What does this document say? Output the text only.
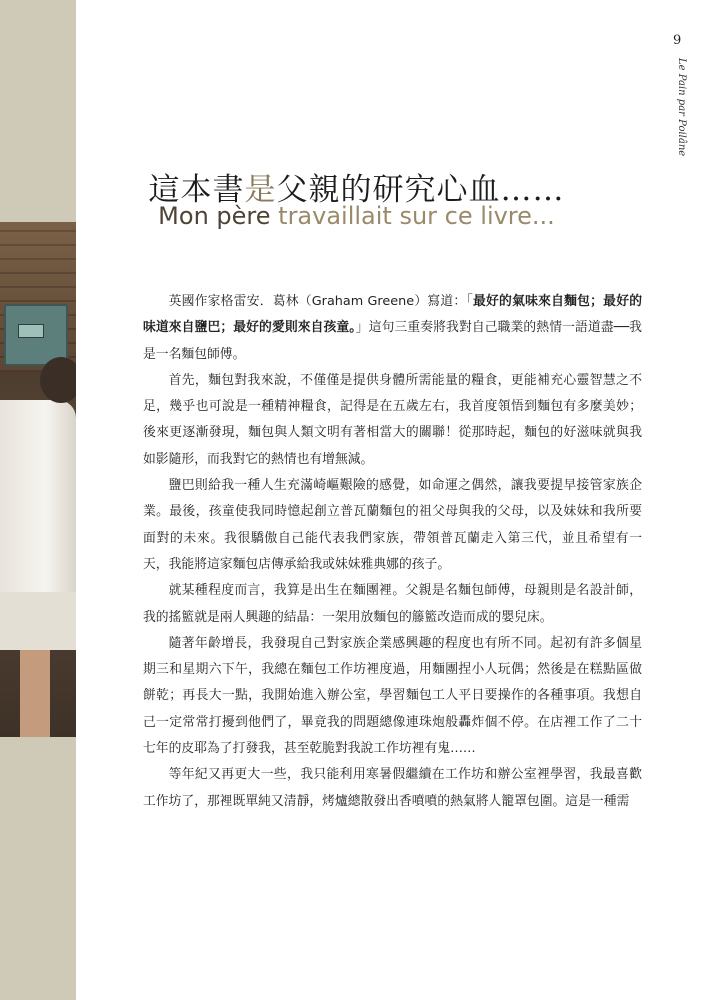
9
Le Pain par Poilâne
這本書是父親的研究心血……
Mon père travaillait sur ce livre...

英國作家格雷安．葛林（Graham Greene）寫道：「最好的氣味來自麵包；最好的味道來自鹽巴；最好的愛則來自孩童。」這句三重奏將我對自己職業的熱情一語道盡──我是一名麵包師傅。

首先，麵包對我來說，不僅僅是提供身體所需能量的糧食，更能補充心靈智慧之不足，幾乎也可說是一種精神糧食，記得是在五歲左右，我首度領悟到麵包有多麼美妙；後來更逐漸發現，麵包與人類文明有著相當大的關聯！從那時起，麵包的好滋味就與我如影隨形，而我對它的熱情也有增無減。

鹽巴則給我一種人生充滿崎嶇艱險的感覺，如命運之偶然，讓我要提早接管家族企業。最後，孩童使我同時憶起創立普瓦蘭麵包的祖父母與我的父母，以及妹妹和我所要面對的未來。我很驕傲自己能代表我們家族，帶領普瓦蘭走入第三代，並且希望有一天，我能將這家麵包店傳承給我或妹妹雅典娜的孩子。

就某種程度而言，我算是出生在麵團裡。父親是名麵包師傅，母親則是名設計師，我的搖籃就是兩人興趣的結晶：一架用放麵包的籐籃改造而成的嬰兒床。

隨著年齡增長，我發現自己對家族企業感興趣的程度也有所不同。起初有許多個星期三和星期六下午，我總在麵包工作坊裡度過，用麵團捏小人玩偶；然後是在糕點區做餅乾；再長大一點，我開始進入辦公室，學習麵包工人平日要操作的各種事項。我想自己一定常常打擾到他們了，畢竟我的問題總像連珠炮般轟炸個不停。在店裡工作了二十七年的皮耶為了打發我，甚至乾脆對我說工作坊裡有鬼……

等年紀又再更大一些，我只能利用寒暑假繼續在工作坊和辦公室裡學習，我最喜歡工作坊了，那裡既單純又清靜，烤爐總散發出香噴噴的熱氣將人籠罩包圍。這是一種需
